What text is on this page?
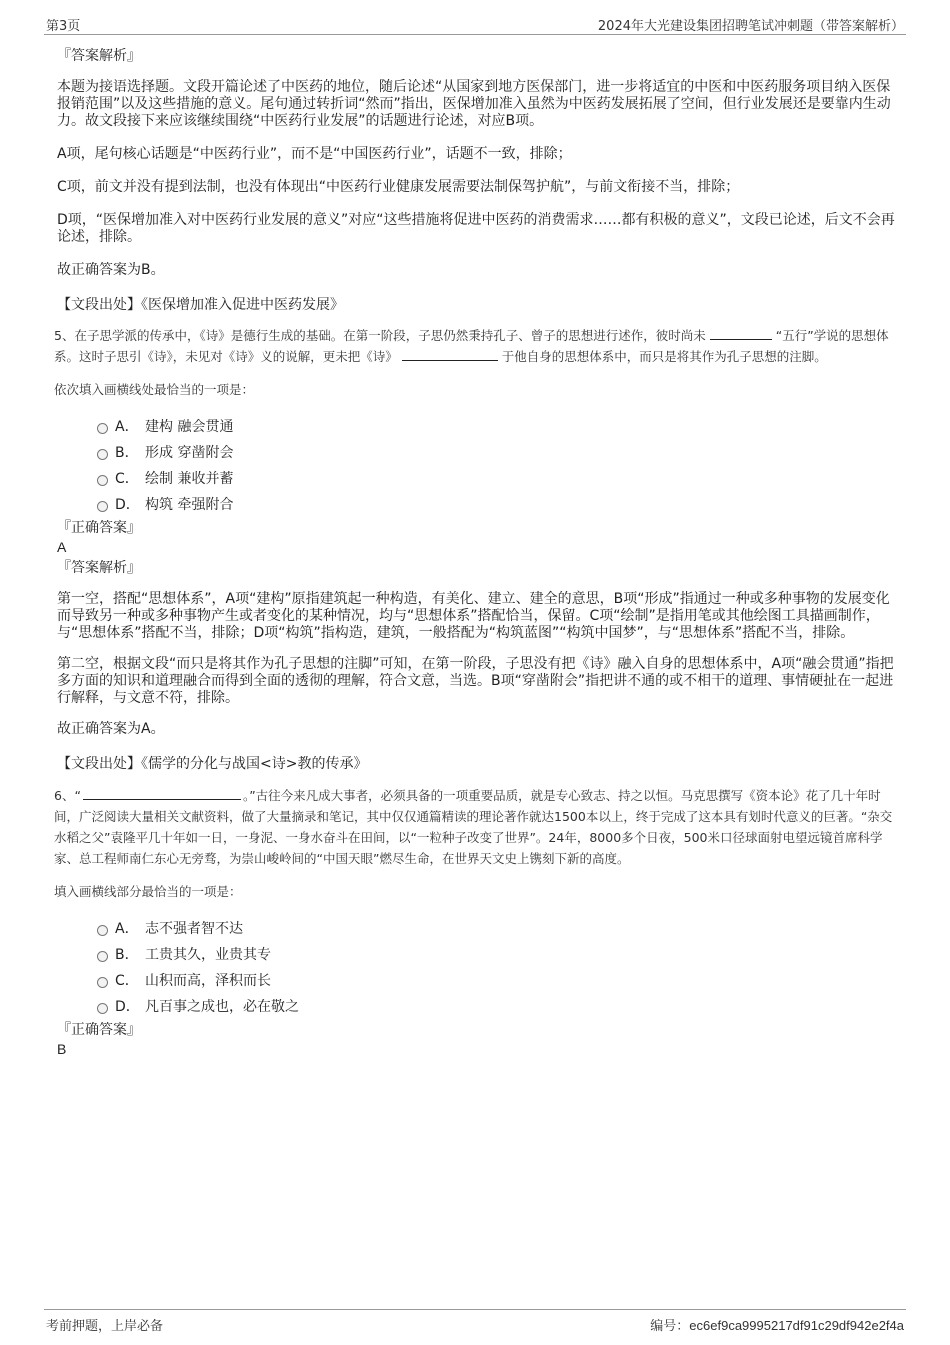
第3页	2024年大光建设集团招聘笔试冲刺题（带答案解析）

『答案解析』

本题为接语选择题。文段开篇论述了中医药的地位，随后论述“从国家到地方医保部门，进一步将适宜的中医和中医药服务项目纳入医保报销范围”以及这些措施的意义。尾句通过转折词“然而”指出，医保增加准入虽然为中医药发展拓展了空间，但行业发展还是要靠内生动力。故文段接下来应该继续围绕“中医药行业发展”的话题进行论述，对应B项。

A项，尾句核心话题是“中医药行业”，而不是“中国医药行业”，话题不一致，排除；

C项，前文并没有提到法制，也没有体现出“中医药行业健康发展需要法制保驾护航”，与前文衔接不当，排除；

D项，“医保增加准入对中医药行业发展的意义”对应“这些措施将促进中医药的消费需求……都有积极的意义”，文段已论述，后文不会再论述，排除。

故正确答案为B。

【文段出处】《医保增加准入促进中医药发展》

5、在子思学派的传承中，《诗》是德行生成的基础。在第一阶段，子思仍然秉持孔子、曾子的思想进行述作，彼时尚未	“五行”学说的思想体系。这时子思引《诗》，未见对《诗》义的说解，更未把《诗》	于他自身的思想体系中，而只是将其作为孔子思想的注脚。

依次填入画横线处最恰当的一项是：

A． 建构 融会贯通
B． 形成 穿凿附会
C． 绘制 兼收并蓄
D． 构筑 牵强附合

『正确答案』

A

『答案解析』

第一空，搭配“思想体系”，A项“建构”原指建筑起一种构造，有美化、建立、建全的意思，B项“形成”指通过一种或多种事物的发展变化而导致另一种或多种事物产生或者变化的某种情况，均与“思想体系”搭配恰当，保留。C项“绘制”是指用笔或其他绘图工具描画制作，与“思想体系”搭配不当，排除；D项“构筑”指构造，建筑，一般搭配为“构筑蓝图”“构筑中国梦”，与“思想体系”搭配不当，排除。

第二空，根据文段“而只是将其作为孔子思想的注脚”可知，在第一阶段，子思没有把《诗》融入自身的思想体系中，A项“融会贯通”指把多方面的知识和道理融合而得到全面的透彻的理解，符合文意，当选。B项“穿凿附会”指把讲不通的或不相干的道理、事情硬扯在一起进行解释，与文意不符，排除。

故正确答案为A。

【文段出处】《儒学的分化与战国<诗>教的传承》

6、“	。”古往今来凡成大事者，必须具备的一项重要品质，就是专心致志、持之以恒。马克思撰写《资本论》花了几十年时间，广泛阅读大量相关文献资料，做了大量摘录和笔记，其中仅仅通篇精读的理论著作就达1500本以上，终于完成了这本具有划时代意义的巨著。“杂交水稻之父”袁隆平几十年如一日，一身泥、一身水奋斗在田间，以“一粒种子改变了世界”。24年，8000多个日夜，500米口径球面射电望远镜首席科学家、总工程师南仁东心无旁骛，为崇山峻岭间的“中国天眼”燃尽生命，在世界天文史上镌刻下新的高度。

填入画横线部分最恰当的一项是：

A． 志不强者智不达
B． 工贵其久，业贵其专
C． 山积而高，泽积而长
D． 凡百事之成也，必在敬之

『正确答案』

B

考前押题，上岸必备	编号：ec6ef9ca9995217df91c29df942e2f4a
